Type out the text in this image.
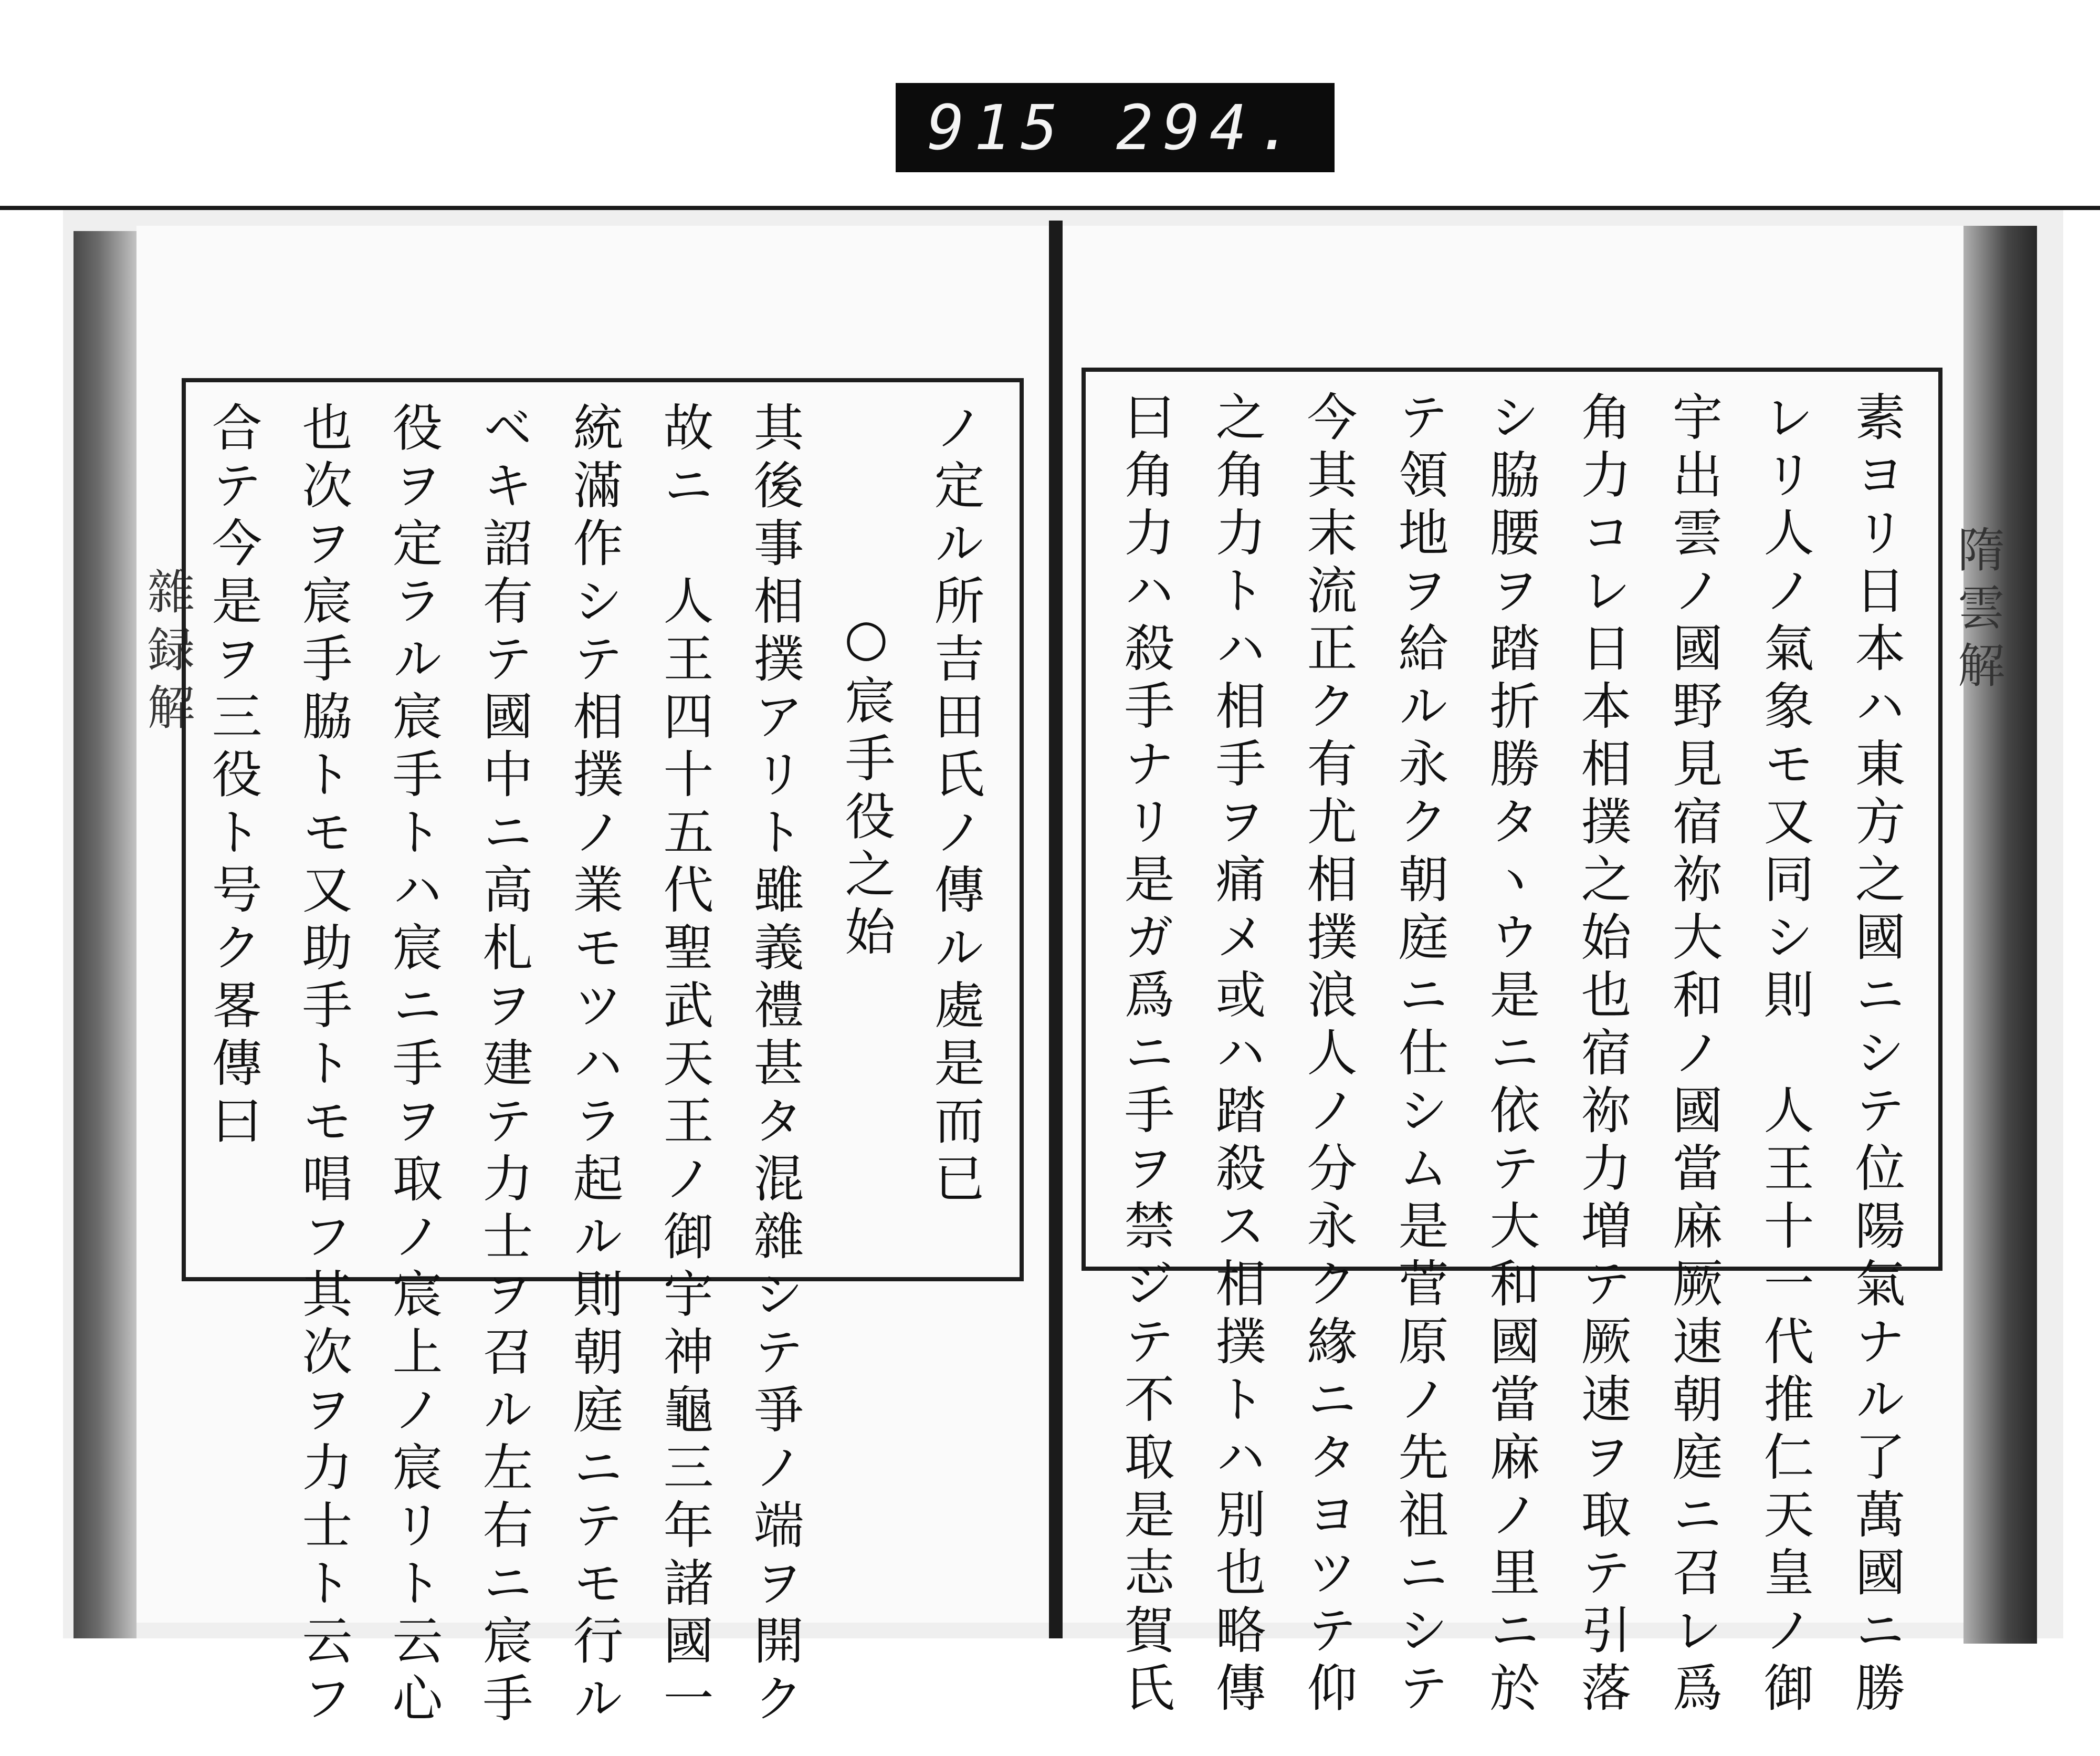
915 294.
雜録解	隋雲解
ノ定ル所吉田氏ノ傳ル處是而已
○宸手役之始
其後事相撲アリト雖義禮甚タ混雜シテ爭ノ端ヲ開ク
故ニ　人王四十五代聖武天王ノ御宇神龜三年諸國一
統滿作シテ相撲ノ業モツハラ起ル則朝庭ニテモ行ル
ベキ詔有テ國中ニ高札ヲ建テ力士ヲ召ル左右ニ宸手
役ヲ定ラル宸手トハ宸ニ手ヲ取ノ宸上ノ宸リト云心
也次ヲ宸手脇トモ又助手トモ唱フ其次ヲ力士ト云フ
合テ今是ヲ三役ト号ク畧傳曰	素ヨリ日本ハ東方之國ニシテ位陽氣ナル了萬國ニ勝
レリ人ノ氣象モ又同シ則　人王十一代推仁天皇ノ御
宇出雲ノ國野見宿祢大和ノ國當麻厥速朝庭ニ召レ爲
角力コレ日本相撲之始也宿祢力増テ厥速ヲ取テ引落
シ脇腰ヲ踏折勝タヽウ是ニ依テ大和國當麻ノ里ニ於
テ領地ヲ給ル永ク朝庭ニ仕シム是菅原ノ先祖ニシテ
今其末流正ク有尤相撲浪人ノ分永ク緣ニタヨツテ仰
之角力トハ相手ヲ痛メ或ハ踏殺ス相撲トハ別也略傳
曰角力ハ殺手ナリ是ガ爲ニ手ヲ禁ジテ不取是志賀氏
